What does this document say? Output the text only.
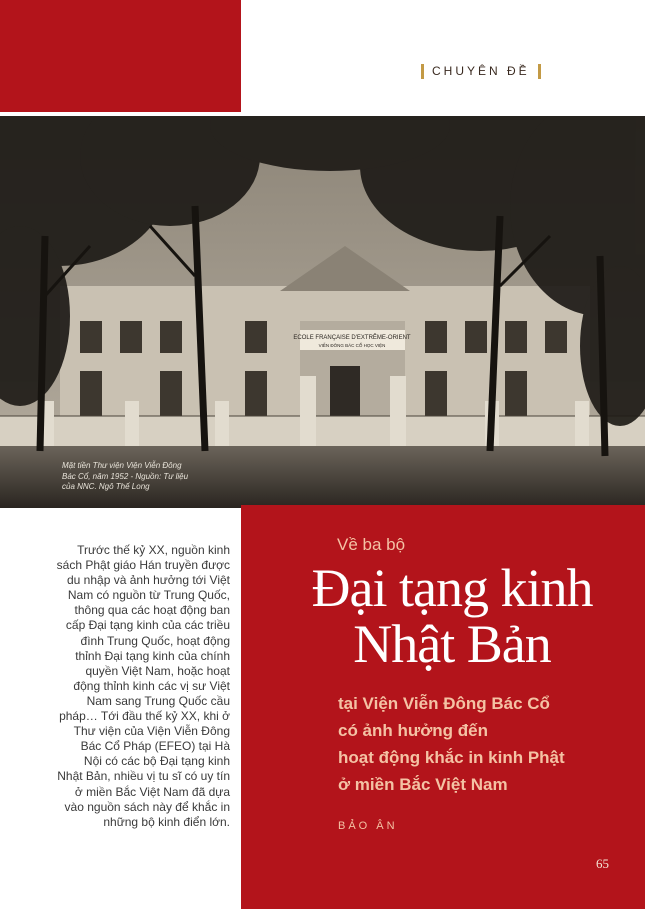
CHUYÊN ĐỀ
ECOLE FRANÇAISE D'EXTRÊME-ORIENT
VIỄN ĐÔNG BÁC CỔ HỌC VIỆN
Mặt tiền Thư viện Viện Viễn Đông
Bác Cổ, năm 1952 - Nguồn: Tư liệu
của NNC. Ngô Thế Long
Về ba bộ
Đại tạng kinh
Nhật Bản
tại Viện Viễn Đông Bác Cổ
có ảnh hưởng đến
hoạt động khắc in kinh Phật
ở miền Bắc Việt Nam
BẢO ÂN
65
Trước thế kỷ XX, nguồn kinh
sách Phật giáo Hán truyền được
du nhập và ảnh hưởng tới Việt
Nam có nguồn từ Trung Quốc,
thông qua các hoạt động ban
cấp Đại tạng kinh của các triều
đình Trung Quốc, hoạt động
thỉnh Đại tạng kinh của chính
quyền Việt Nam, hoặc hoạt
động thỉnh kinh các vị sư Việt
Nam sang Trung Quốc cầu
pháp… Tới đầu thế kỷ XX, khi ở
Thư viện của Viện Viễn Đông
Bác Cổ Pháp (EFEO) tại Hà
Nội có các bộ Đại tạng kinh
Nhật Bản, nhiều vị tu sĩ có uy tín
ở miền Bắc Việt Nam đã dựa
vào nguồn sách này để khắc in
những bộ kinh điển lớn.
